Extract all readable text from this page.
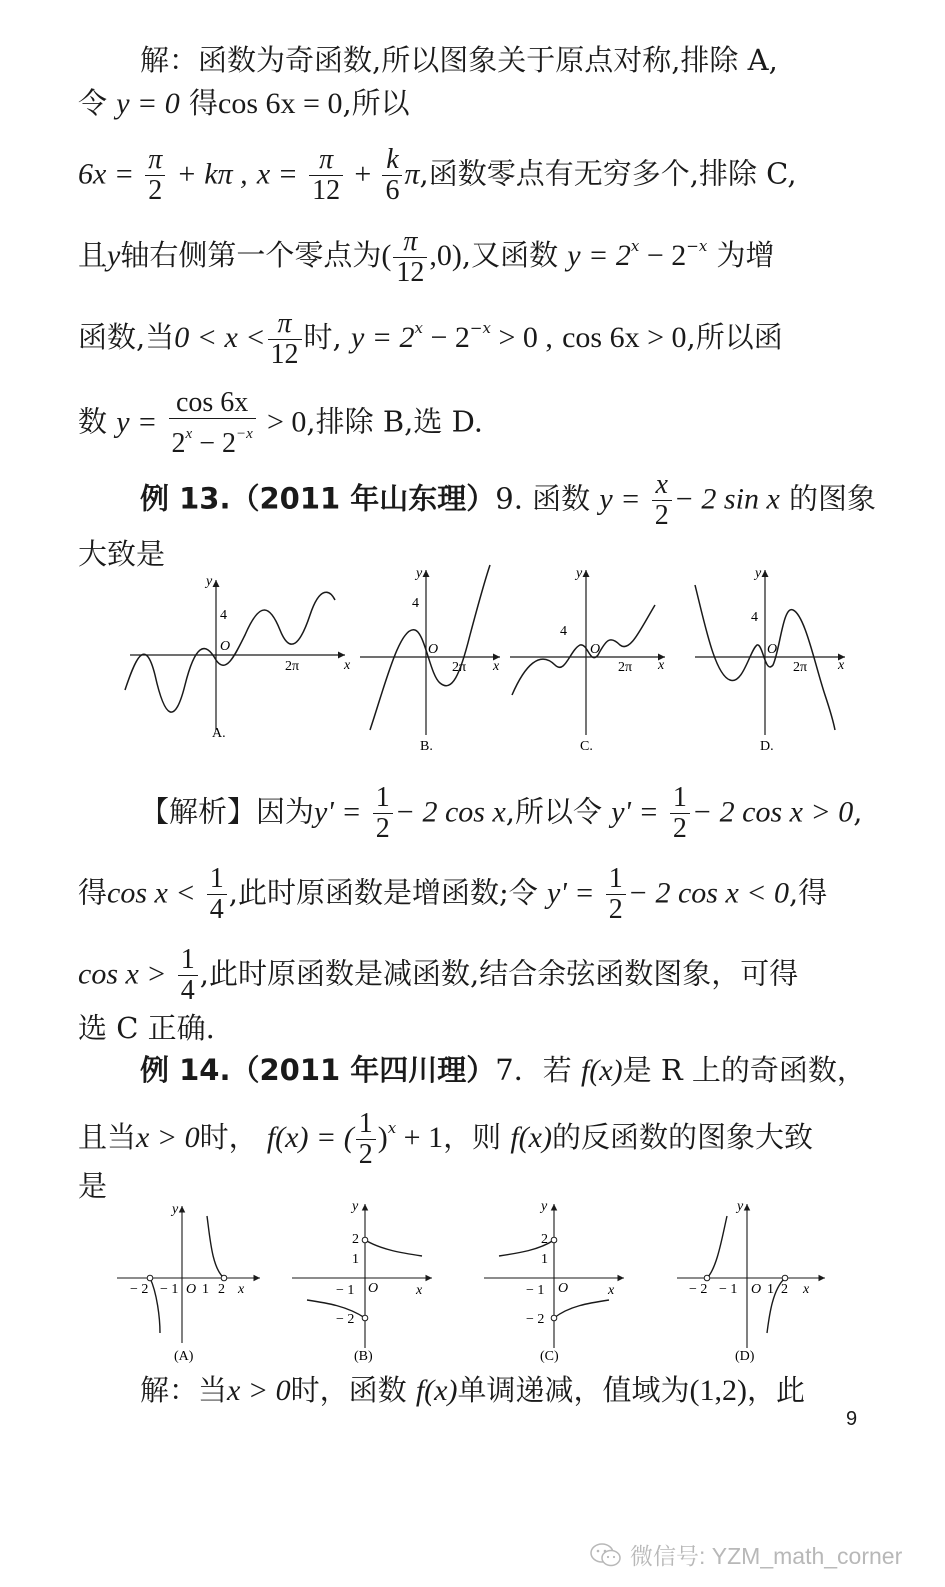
解：函数为奇函数,所以图象关于原点对称,排除 A,
令 y = 0 得cos 6x = 0,所以
$6x = \frac{\pi}{2} + k\pi$ , $x = \frac{\pi}{12} + \frac{k}{6} \pi$,函数零点有无穷多个,排除 C,
且y轴右侧第一个零点为( $\frac{\pi}{12} ,0$),又函数 $y = 2^x - 2^{-x}$ 为增
函数,当$0 < x < \frac{\pi}{12}$ 时, $y = 2^x - 2^{-x} > 0$ , cos 6x > 0,所以函
数 $y = \frac{\cos 6x}{2^x - 2^{-x}} > 0$,排除 B,选 D.
例 13.（2011 年山东理）9. 函数 $y = \frac{x}{2} - 2$ sin x 的图象
大致是
4
O
2π	x
y
A.
4
O
2π x
y
B.
4
O
2π x
y
C.
4
O
2π x
y
D.
【解析】因为$y' = \frac{1}{2} - 2$ cos x,所以令 $y' = \frac{1}{2} - 2$ cos x > 0,
得$\cos x < \frac{1}{4}$ ,此时原函数是增函数;令 $y' = \frac{1}{2} - 2$ cos x < 0,得
$\cos x > \frac{1}{4}$ ,此时原函数是减函数,结合余弦函数图象，可得
选 C 正确.
例 14.（2011 年四川理）7．若 f(x)是 R 上的奇函数，
且当x > 0时， f(x) = ( $\frac{1}{2} )^x + 1$，则 f(x)的反函数的图象大致
是
− 2 − 1 O 1 2 x
y
(A)
2
1
− 1
− 2
O	x
y
(B)
2
1
− 1
− 2
O	x
y
(C)
− 2 − 1 O 1 2 x
y
(D)
解：当x > 0时，函数 f(x)单调递减，值域为(1,2)，此
9
微信号: YZM_math_corner
